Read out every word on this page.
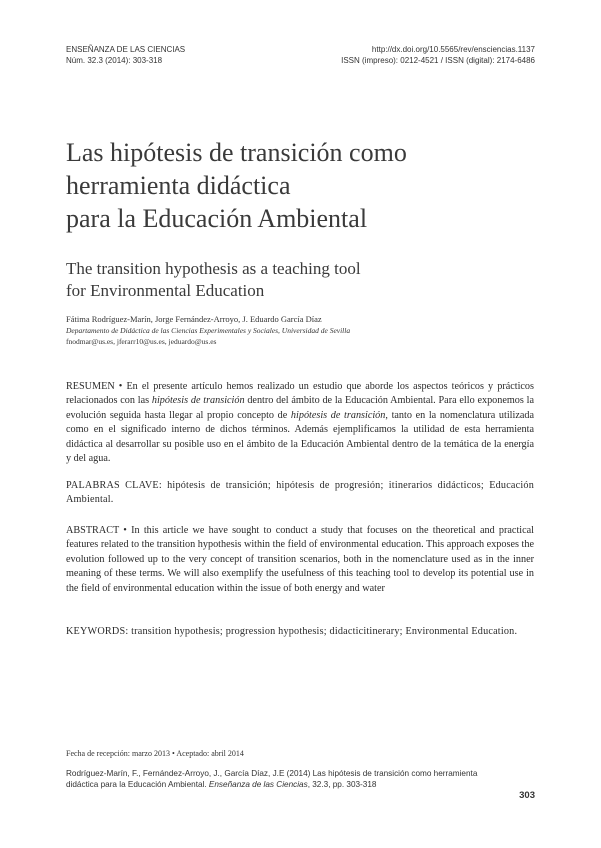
ENSEÑANZA DE LAS CIENCIAS
Núm. 32.3 (2014): 303-318
http://dx.doi.org/10.5565/rev/ensciencias.1137
ISSN (impreso): 0212-4521 / ISSN (digital): 2174-6486
Las hipótesis de transición como
herramienta didáctica
para la Educación Ambiental
The transition hypothesis as a teaching tool
for Environmental Education
Fátima Rodríguez-Marín, Jorge Fernández-Arroyo, J. Eduardo García Díaz
Departamento de Didáctica de las Ciencias Experimentales y Sociales, Universidad de Sevilla
fnodmar@us.es, jferarr10@us.es, jeduardo@us.es
RESUMEN • En el presente artículo hemos realizado un estudio que aborde los aspectos teóricos y prácticos relacionados con las hipótesis de transición dentro del ámbito de la Educación Ambiental. Para ello exponemos la evolución seguida hasta llegar al propio concepto de hipótesis de transición, tanto en la nomenclatura utilizada como en el significado interno de dichos términos. Además ejemplificamos la utilidad de esta herramienta didáctica al desarrollar su posible uso en el ámbito de la Educación Ambiental dentro de la temática de la energía y del agua.
PALABRAS CLAVE: hipótesis de transición; hipótesis de progresión; itinerarios didácticos; Educación Ambiental.
ABSTRACT • In this article we have sought to conduct a study that focuses on the theoretical and practical features related to the transition hypothesis within the field of environmental education. This approach exposes the evolution followed up to the very concept of transition scenarios, both in the nomenclature used as in the inner meaning of these terms. We will also exemplify the usefulness of this teaching tool to develop its potential use in the field of environmental education within the issue of both energy and water
KEYWORDS: transition hypothesis; progression hypothesis; didacticitinerary; Environmental Education.
Fecha de recepción: marzo 2013 • Aceptado: abril 2014
Rodríguez-Marín, F., Fernández-Arroyo, J., García Díaz, J.E (2014) Las hipótesis de transición como herramienta didáctica para la Educación Ambiental. Enseñanza de las Ciencias, 32.3, pp. 303-318
303
